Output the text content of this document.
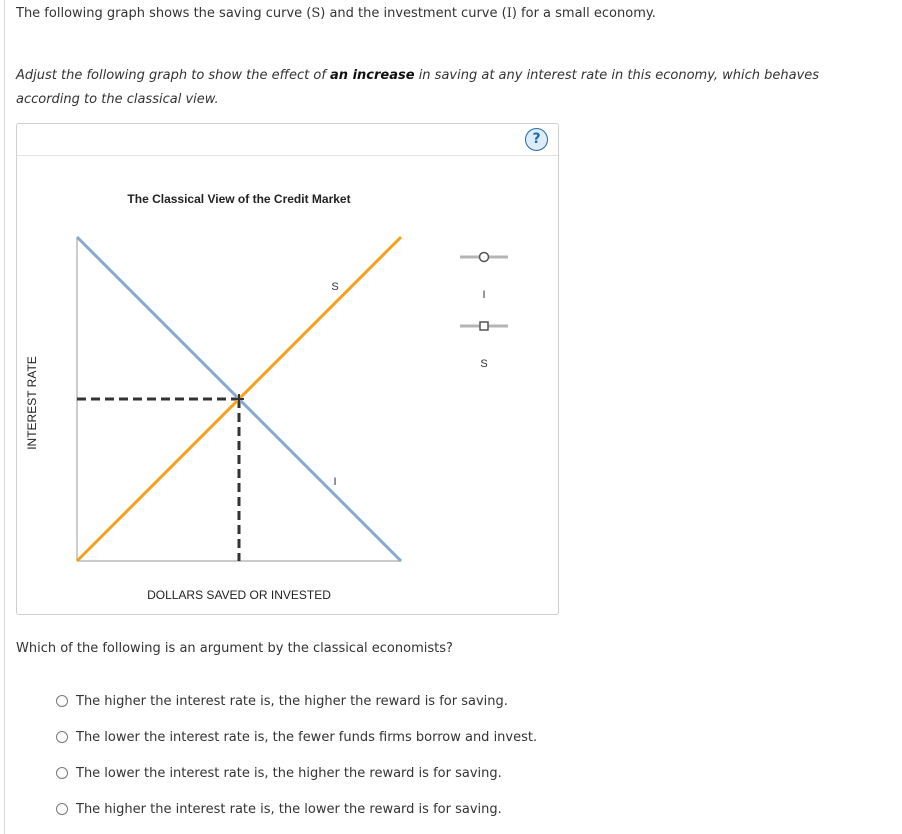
The following graph shows the saving curve (S) and the investment curve (I) for a small economy.
Adjust the following graph to show the effect of an increase in saving at any interest rate in this economy, which behaves according to the classical view.
?
The Classical View of the Credit Market
INTEREST RATE
DOLLARS SAVED OR INVESTED
S
I
I
S
Which of the following is an argument by the classical economists?
The higher the interest rate is, the higher the reward is for saving.
The lower the interest rate is, the fewer funds firms borrow and invest.
The lower the interest rate is, the higher the reward is for saving.
The higher the interest rate is, the lower the reward is for saving.
